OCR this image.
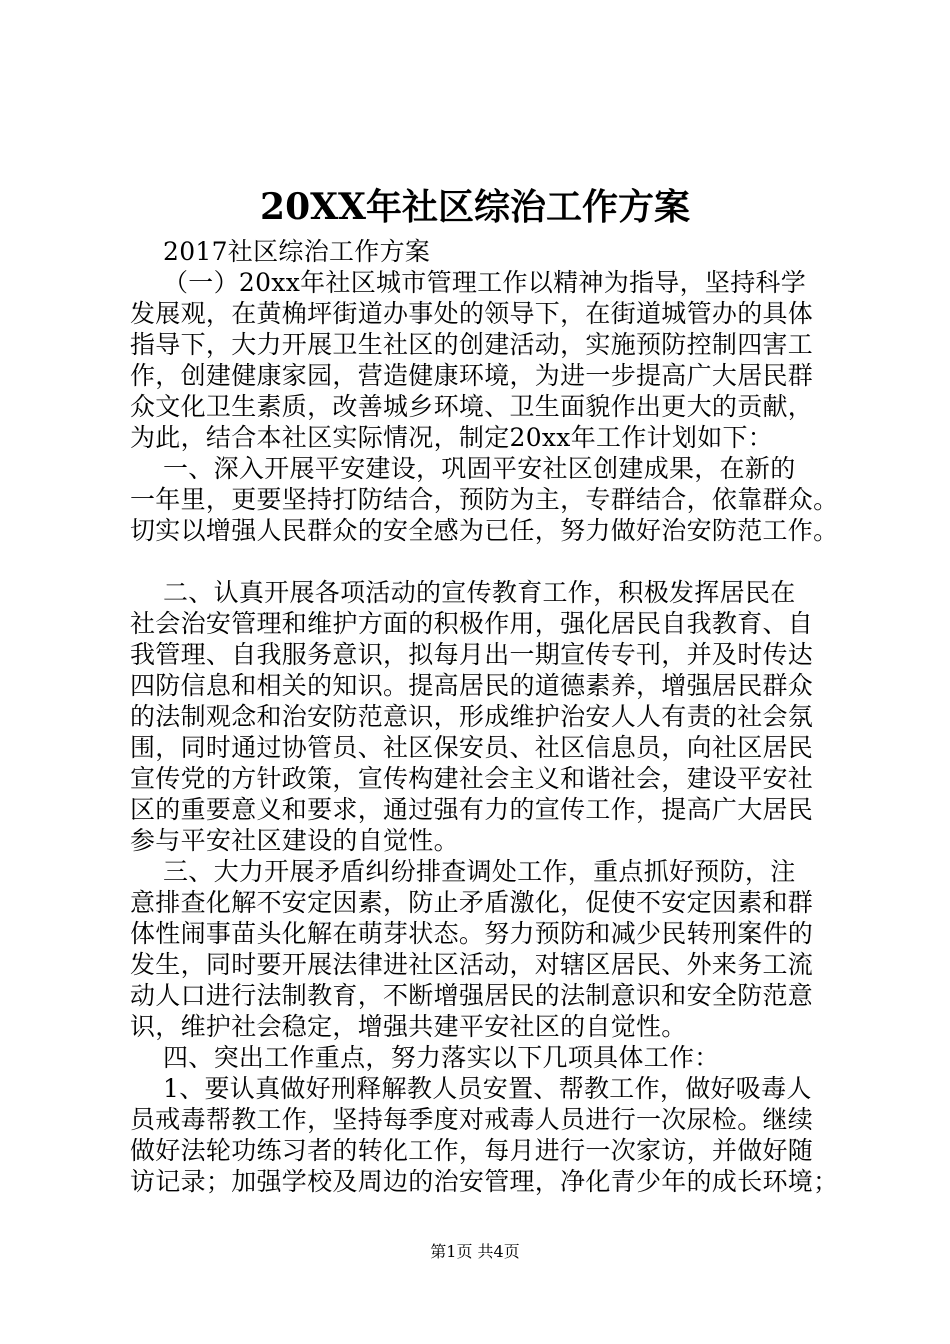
20XX年社区综治工作方案
2017社区综治工作方案
（一）20xx年社区城市管理工作以精神为指导，坚持科学
发展观，在黄桷坪街道办事处的领导下，在街道城管办的具体
指导下，大力开展卫生社区的创建活动，实施预防控制四害工
作，创建健康家园，营造健康环境，为进一步提高广大居民群
众文化卫生素质，改善城乡环境、卫生面貌作出更大的贡献，
为此，结合本社区实际情况，制定20xx年工作计划如下：
一、深入开展平安建设，巩固平安社区创建成果，在新的
一年里，更要坚持打防结合，预防为主，专群结合，依靠群众。
切实以增强人民群众的安全感为已任，努力做好治安防范工作。
二、认真开展各项活动的宣传教育工作，积极发挥居民在
社会治安管理和维护方面的积极作用，强化居民自我教育、自
我管理、自我服务意识，拟每月出一期宣传专刊，并及时传达
四防信息和相关的知识。提高居民的道德素养，增强居民群众
的法制观念和治安防范意识，形成维护治安人人有责的社会氛
围，同时通过协管员、社区保安员、社区信息员，向社区居民
宣传党的方针政策，宣传构建社会主义和谐社会，建设平安社
区的重要意义和要求，通过强有力的宣传工作，提高广大居民
参与平安社区建设的自觉性。
三、大力开展矛盾纠纷排查调处工作，重点抓好预防，注
意排查化解不安定因素，防止矛盾激化，促使不安定因素和群
体性闹事苗头化解在萌芽状态。努力预防和减少民转刑案件的
发生，同时要开展法律进社区活动，对辖区居民、外来务工流
动人口进行法制教育，不断增强居民的法制意识和安全防范意
识，维护社会稳定，增强共建平安社区的自觉性。
四、突出工作重点，努力落实以下几项具体工作：
1、要认真做好刑释解教人员安置、帮教工作，做好吸毒人
员戒毒帮教工作，坚持每季度对戒毒人员进行一次尿检。继续
做好法轮功练习者的转化工作，每月进行一次家访，并做好随
访记录；加强学校及周边的治安管理，净化青少年的成长环境；
第1页 共4页
